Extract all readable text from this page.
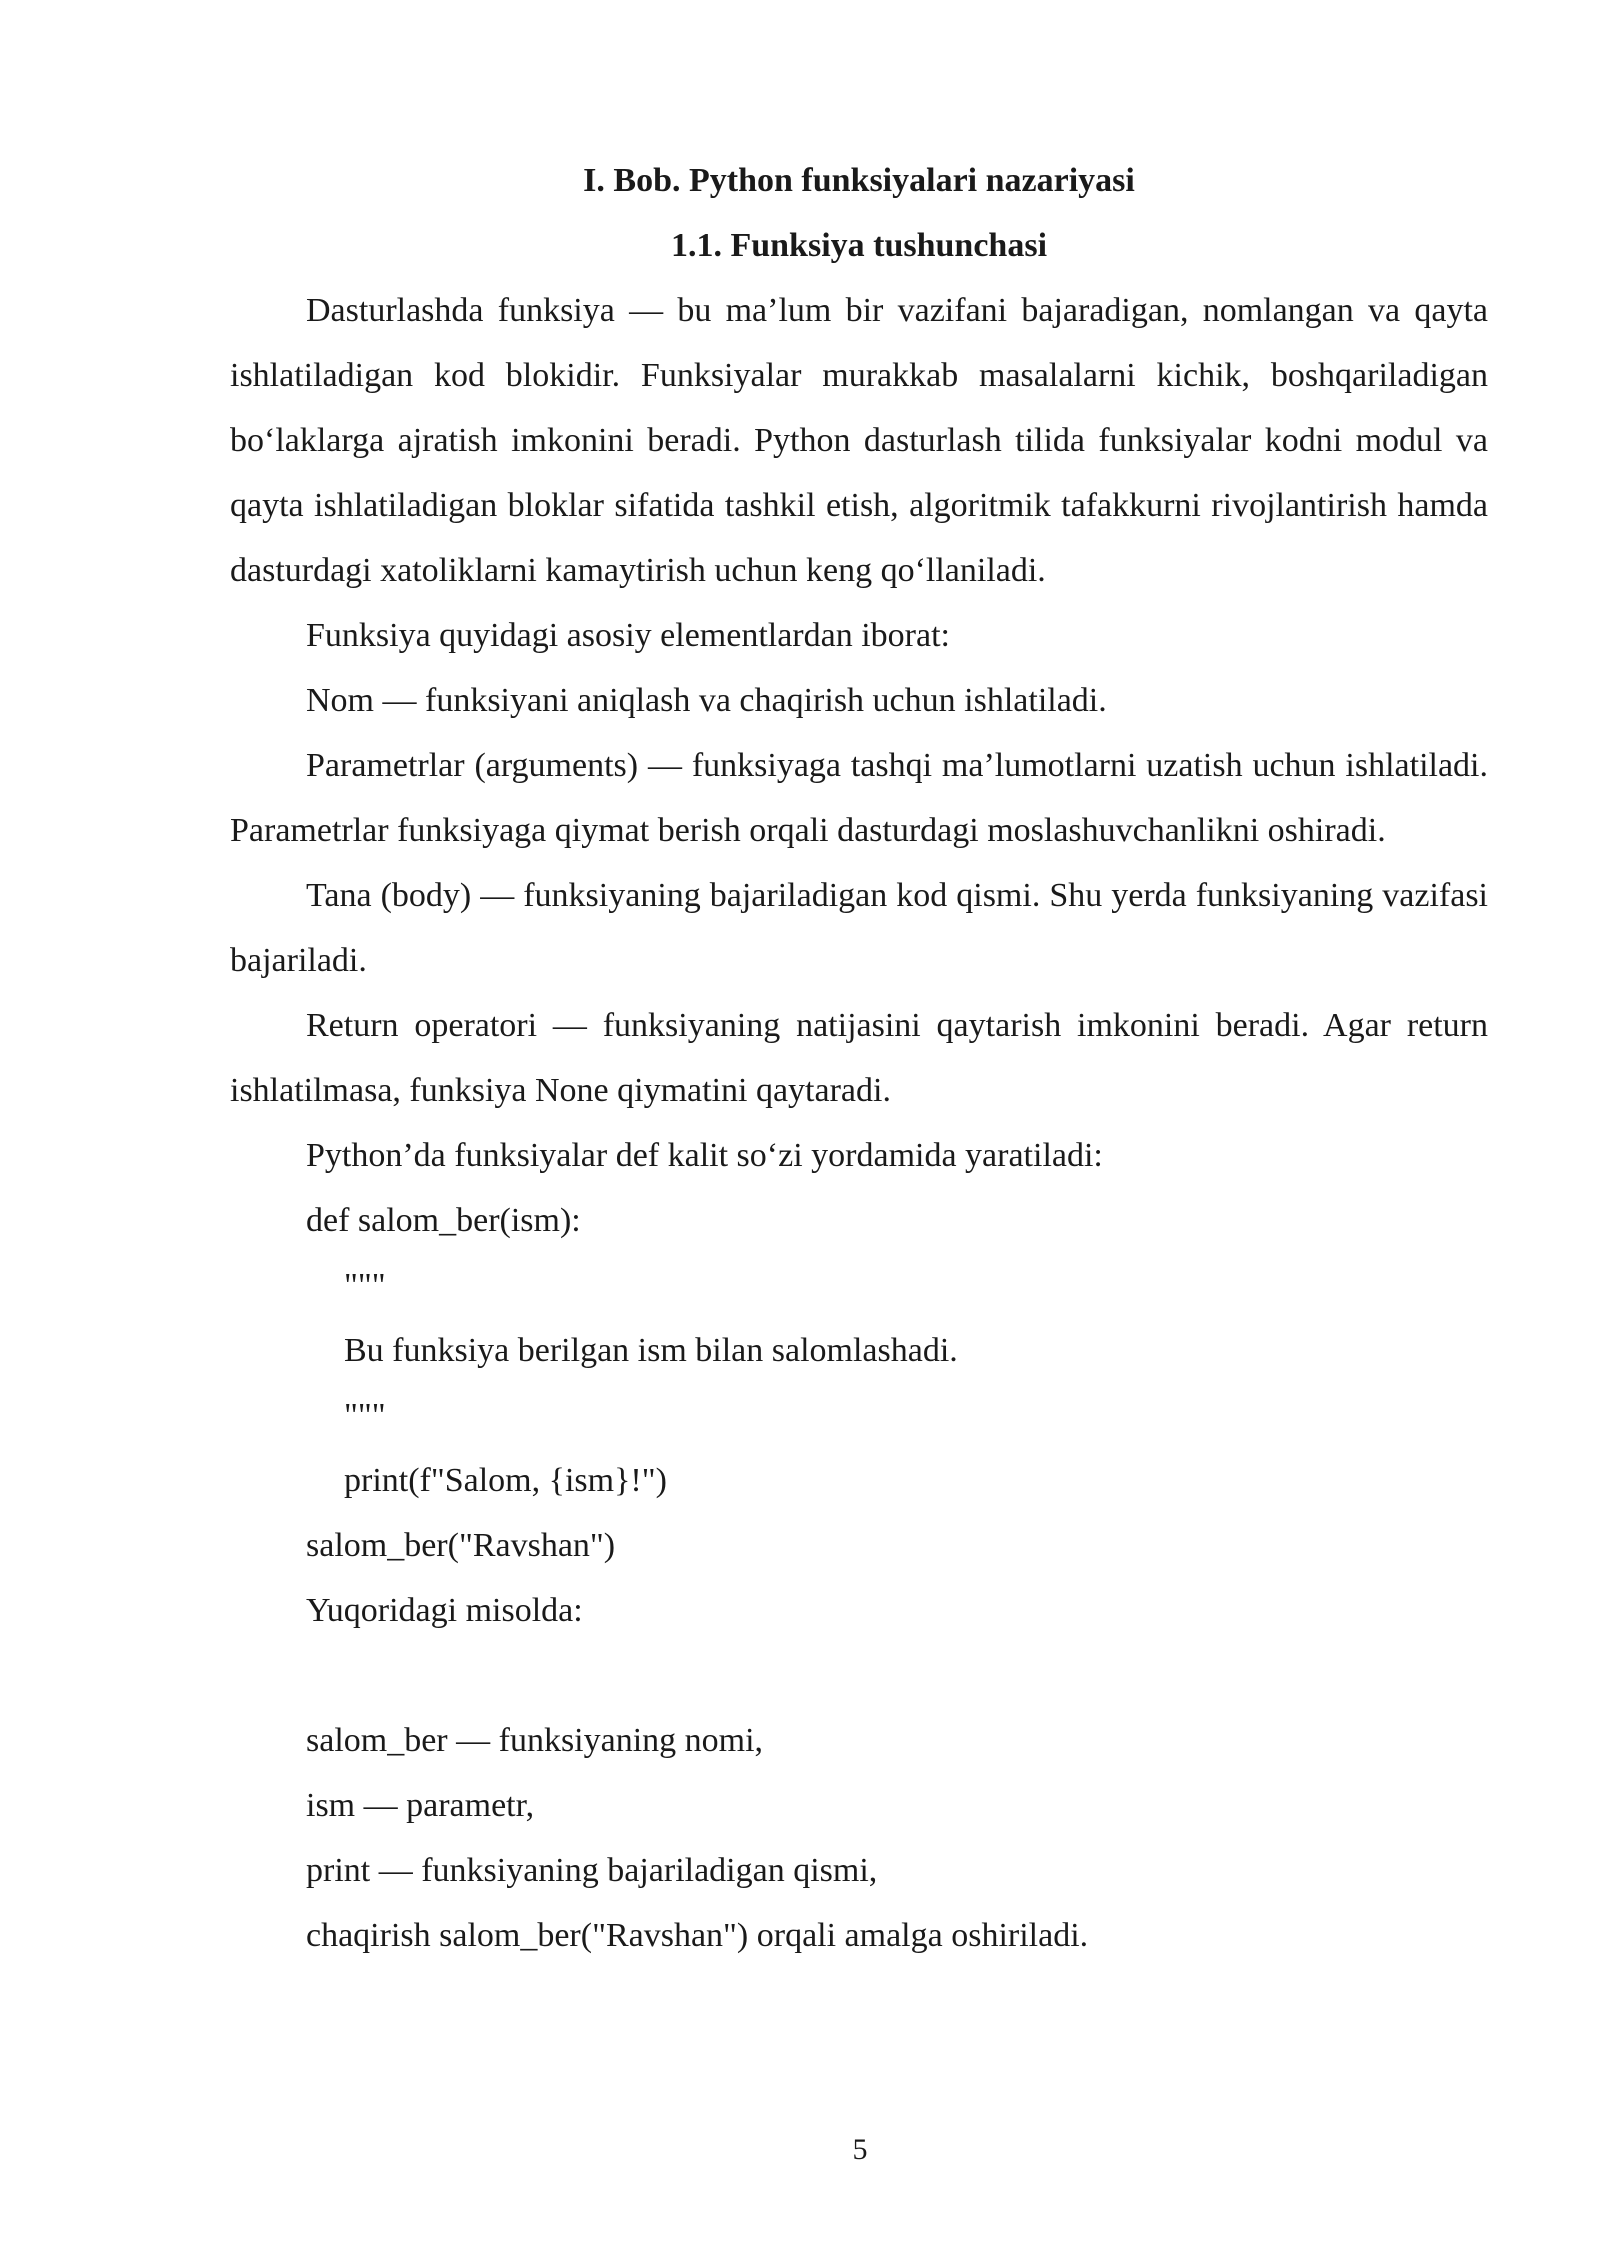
I. Bob. Python funksiyalari nazariyasi
1.1. Funksiya tushunchasi

Dasturlashda funksiya — bu ma’lum bir vazifani bajaradigan, nomlangan va qayta ishlatiladigan kod blokidir. Funksiyalar murakkab masalalarni kichik, boshqariladigan bo‘laklarga ajratish imkonini beradi. Python dasturlash tilida funksiyalar kodni modul va qayta ishlatiladigan bloklar sifatida tashkil etish, algoritmik tafakkurni rivojlantirish hamda dasturdagi xatoliklarni kamaytirish uchun keng qo‘llaniladi.

Funksiya quyidagi asosiy elementlardan iborat:

Nom — funksiyani aniqlash va chaqirish uchun ishlatiladi.

Parametrlar (arguments) — funksiyaga tashqi ma’lumotlarni uzatish uchun ishlatiladi. Parametrlar funksiyaga qiymat berish orqali dasturdagi moslashuvchanlikni oshiradi.

Tana (body) — funksiyaning bajariladigan kod qismi. Shu yerda funksiyaning vazifasi bajariladi.

Return operatori — funksiyaning natijasini qaytarish imkonini beradi. Agar return ishlatilmasa, funksiya None qiymatini qaytaradi.

Python’da funksiyalar def kalit so‘zi yordamida yaratiladi:

def salom_ber(ism):
"""
Bu funksiya berilgan ism bilan salomlashadi.
"""
print(f"Salom, {ism}!")
salom_ber("Ravshan")
Yuqoridagi misolda:
salom_ber — funksiyaning nomi,
ism — parametr,
print — funksiyaning bajariladigan qismi,
chaqirish salom_ber("Ravshan") orqali amalga oshiriladi.
5
